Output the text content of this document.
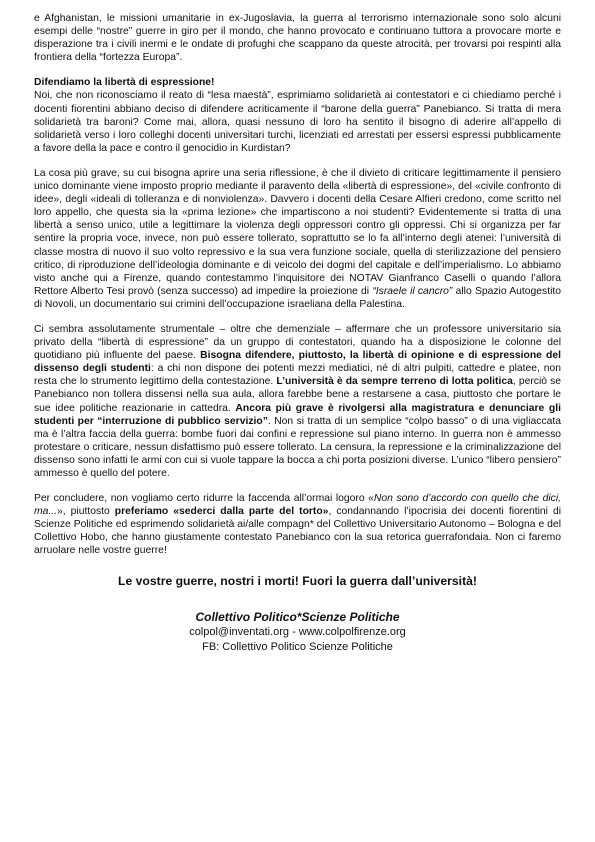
e Afghanistan, le missioni umanitarie in ex-Jugoslavia, la guerra al terrorismo internazionale sono solo alcuni esempi delle “nostre” guerre in giro per il mondo, che hanno provocato e continuano tuttora a provocare morte e disperazione tra i civili inermi e le ondate di profughi che scappano da queste atrocità, per trovarsi poi respinti alla frontiera della “fortezza Europa”.

Difendiamo la libertà di espressione!

Noi, che non riconosciamo il reato di “lesa maestà”, esprimiamo solidarietà ai contestatori e ci chiediamo perché i docenti fiorentini abbiano deciso di difendere acriticamente il “barone della guerra” Panebianco. Si tratta di mera solidarietà tra baroni? Come mai, allora, quasi nessuno di loro ha sentito il bisogno di aderire all’appello di solidarietà verso i loro colleghi docenti universitari turchi, licenziati ed arrestati per essersi espressi pubblicamente a favore della la pace e contro il genocidio in Kurdistan?

La cosa più grave, su cui bisogna aprire una seria riflessione, è che il divieto di criticare legittimamente il pensiero unico dominante viene imposto proprio mediante il paravento della «libertà di espressione», del «civile confronto di idee», degli «ideali di tolleranza e di nonviolenza». Davvero i docenti della Cesare Alfieri credono, come scritto nel loro appello, che questa sia la «prima lezione» che impartiscono a noi studenti? Evidentemente si tratta di una libertà a senso unico, utile a legittimare la violenza degli oppressori contro gli oppressi. Chi si organizza per far sentire la propria voce, invece, non può essere tollerato, soprattutto se lo fa all’interno degli atenei: l’università di classe mostra di nuovo il suo volto repressivo e la sua vera funzione sociale, quella di sterilizzazione del pensiero critico, di riproduzione dell’ideologia dominante e di veicolo dei dogmi del capitale e dell’imperialismo. Lo abbiamo visto anche qui a Firenze, quando contestammo l’inquisitore dei NOTAV Gianfranco Caselli o quando l’allora Rettore Alberto Tesi provò (senza successo) ad impedire la proiezione di “Israele il cancro” allo Spazio Autogestito di Novoli, un documentario sui crimini dell’occupazione israeliana della Palestina.

Ci sembra assolutamente strumentale – oltre che demenziale – affermare che un professore universitario sia privato della “libertà di espressione” da un gruppo di contestatori, quando ha a disposizione le colonne del quotidiano più influente del paese. Bisogna difendere, piuttosto, la libertà di opinione e di espressione del dissenso degli studenti: a chi non dispone dei potenti mezzi mediatici, né di altri pulpiti, cattedre e platee, non resta che lo strumento legittimo della contestazione. L’università è da sempre terreno di lotta politica, perciò se Panebianco non tollera dissensi nella sua aula, allora farebbe bene a restarsene a casa, piuttosto che portare le sue idee politiche reazionarie in cattedra. Ancora più grave è rivolgersi alla magistratura e denunciare gli studenti per “interruzione di pubblico servizio”. Non si tratta di un semplice “colpo basso” o di una vigliaccata ma è l’altra faccia della guerra: bombe fuori dai confini e repressione sul piano interno. In guerra non è ammesso protestare o criticare, nessun disfattismo può essere tollerato. La censura, la repressione e la criminalizzazione del dissenso sono infatti le armi con cui si vuole tappare la bocca a chi porta posizioni diverse. L’unico “libero pensiero” ammesso è quello del potere.

Per concludere, non vogliamo certo ridurre la faccenda all’ormai logoro «Non sono d’accordo con quello che dici, ma...», piuttosto preferiamo «sederci dalla parte del torto», condannando l’ipocrisia dei docenti fiorentini di Scienze Politiche ed esprimendo solidarietà ai/alle compagn* del Collettivo Universitario Autonomo – Bologna e del Collettivo Hobo, che hanno giustamente contestato Panebianco con la sua retorica guerrafondaia. Non ci faremo arruolare nelle vostre guerre!

Le vostre guerre, nostri i morti! Fuori la guerra dall’università!
Collettivo Politico*Scienze Politiche
colpol@inventati.org - www.colpolfirenze.org
FB: Collettivo Politico Scienze Politiche
